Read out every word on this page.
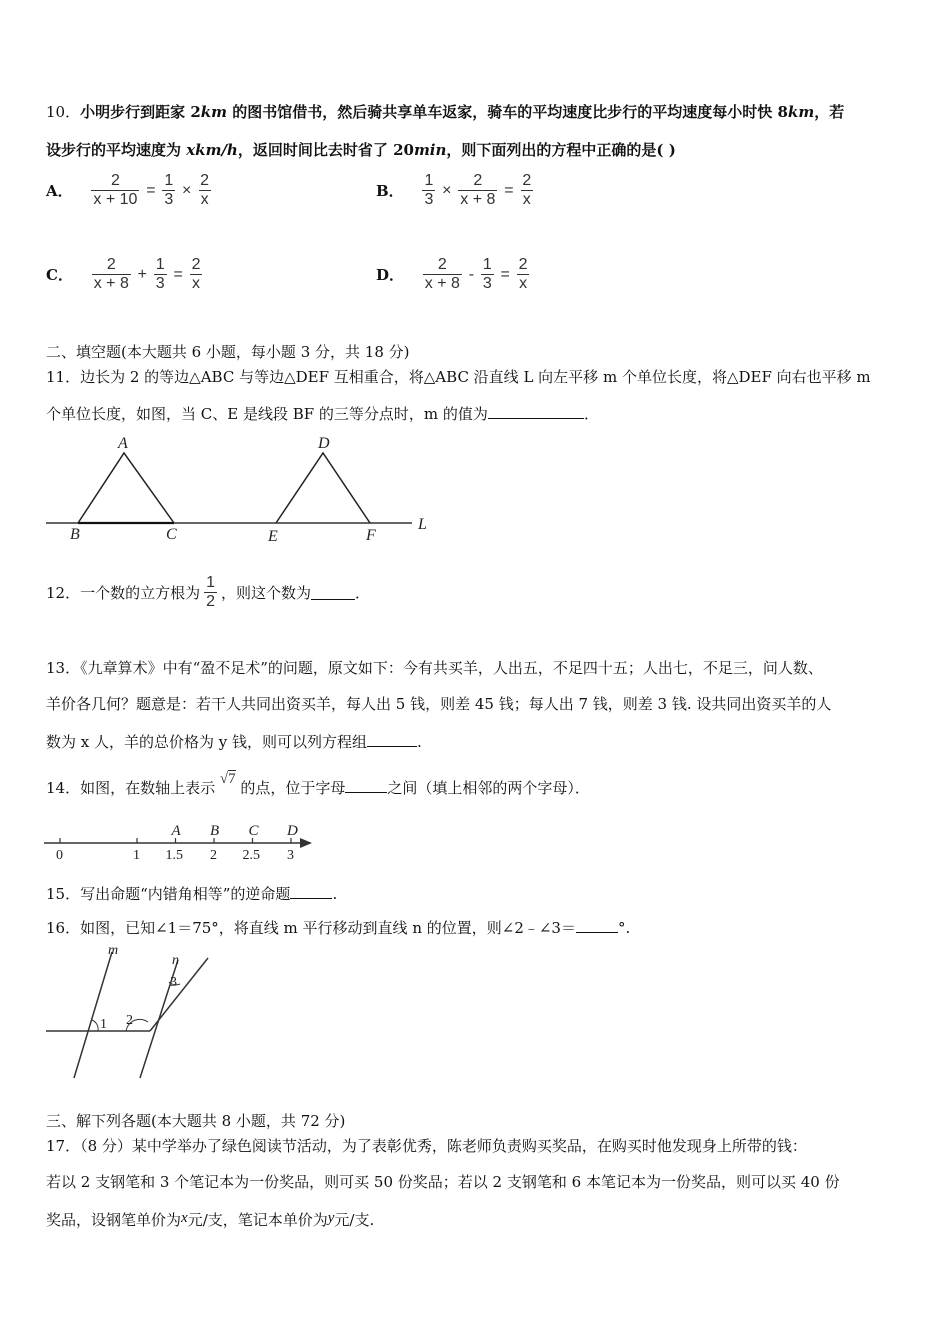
10．小明步行到距家 2km 的图书馆借书，然后骑共享单车返家，骑车的平均速度比步行的平均速度每小时快 8km，若
设步行的平均速度为 xkm/h，返回时间比去时省了 20min，则下面列出的方程中正确的是( )
A． $\frac{2}{x + 10} = \frac{1}{3} \times \frac{2}{x}$	B． $\frac{1}{3} \times \frac{2}{x + 8} = \frac{2}{x}$
C． $\frac{2}{x + 8} + \frac{1}{3} = \frac{2}{x}$	D． $\frac{2}{x + 8} - \frac{1}{3} = \frac{2}{x}$
二、填空题(本大题共 6 小题，每小题 3 分，共 18 分)
11．边长为 2 的等边△ABC 与等边△DEF 互相重合，将△ABC 沿直线 L 向左平移 m 个单位长度，将△DEF 向右也平移 m
个单位长度，如图，当 C、E 是线段 BF 的三等分点时，m 的值为	．
A
B	C
D
E	F
L
12．一个数的立方根为 $\frac{1}{2}$ ，则这个数为	．
13．《九章算术》中有“盈不足术”的问题，原文如下：今有共买羊，人出五，不足四十五；人出七，不足三，问人数、
羊价各几何？题意是：若干人共同出资买羊，每人出 5 钱，则差 45 钱；每人出 7 钱，则差 3 钱. 设共同出资买羊的人
数为 x 人，羊的总价格为 y 钱，则可以列方程组	.
14．如图，在数轴上表示 √7 的点，位于字母	之间（填上相邻的两个字母）．
0	1 1.5 2 2.5 3
A B C D
15．写出命题“内错角相等”的逆命题	.
16．如图，已知∠1＝75°，将直线 m 平行移动到直线 n 的位置，则∠2﹣∠3＝	°.
m
n
1 2
3
三、解下列各题(本大题共 8 小题，共 72 分)
17．（8 分）某中学举办了绿色阅读节活动，为了表彰优秀，陈老师负责购买奖品，在购买时他发现身上所带的钱：
若以 2 支钢笔和 3 个笔记本为一份奖品，则可买 50 份奖品；若以 2 支钢笔和 6 本笔记本为一份奖品，则可以买 40 份
奖品，设钢笔单价为x元/支，笔记本单价为y元/支.
